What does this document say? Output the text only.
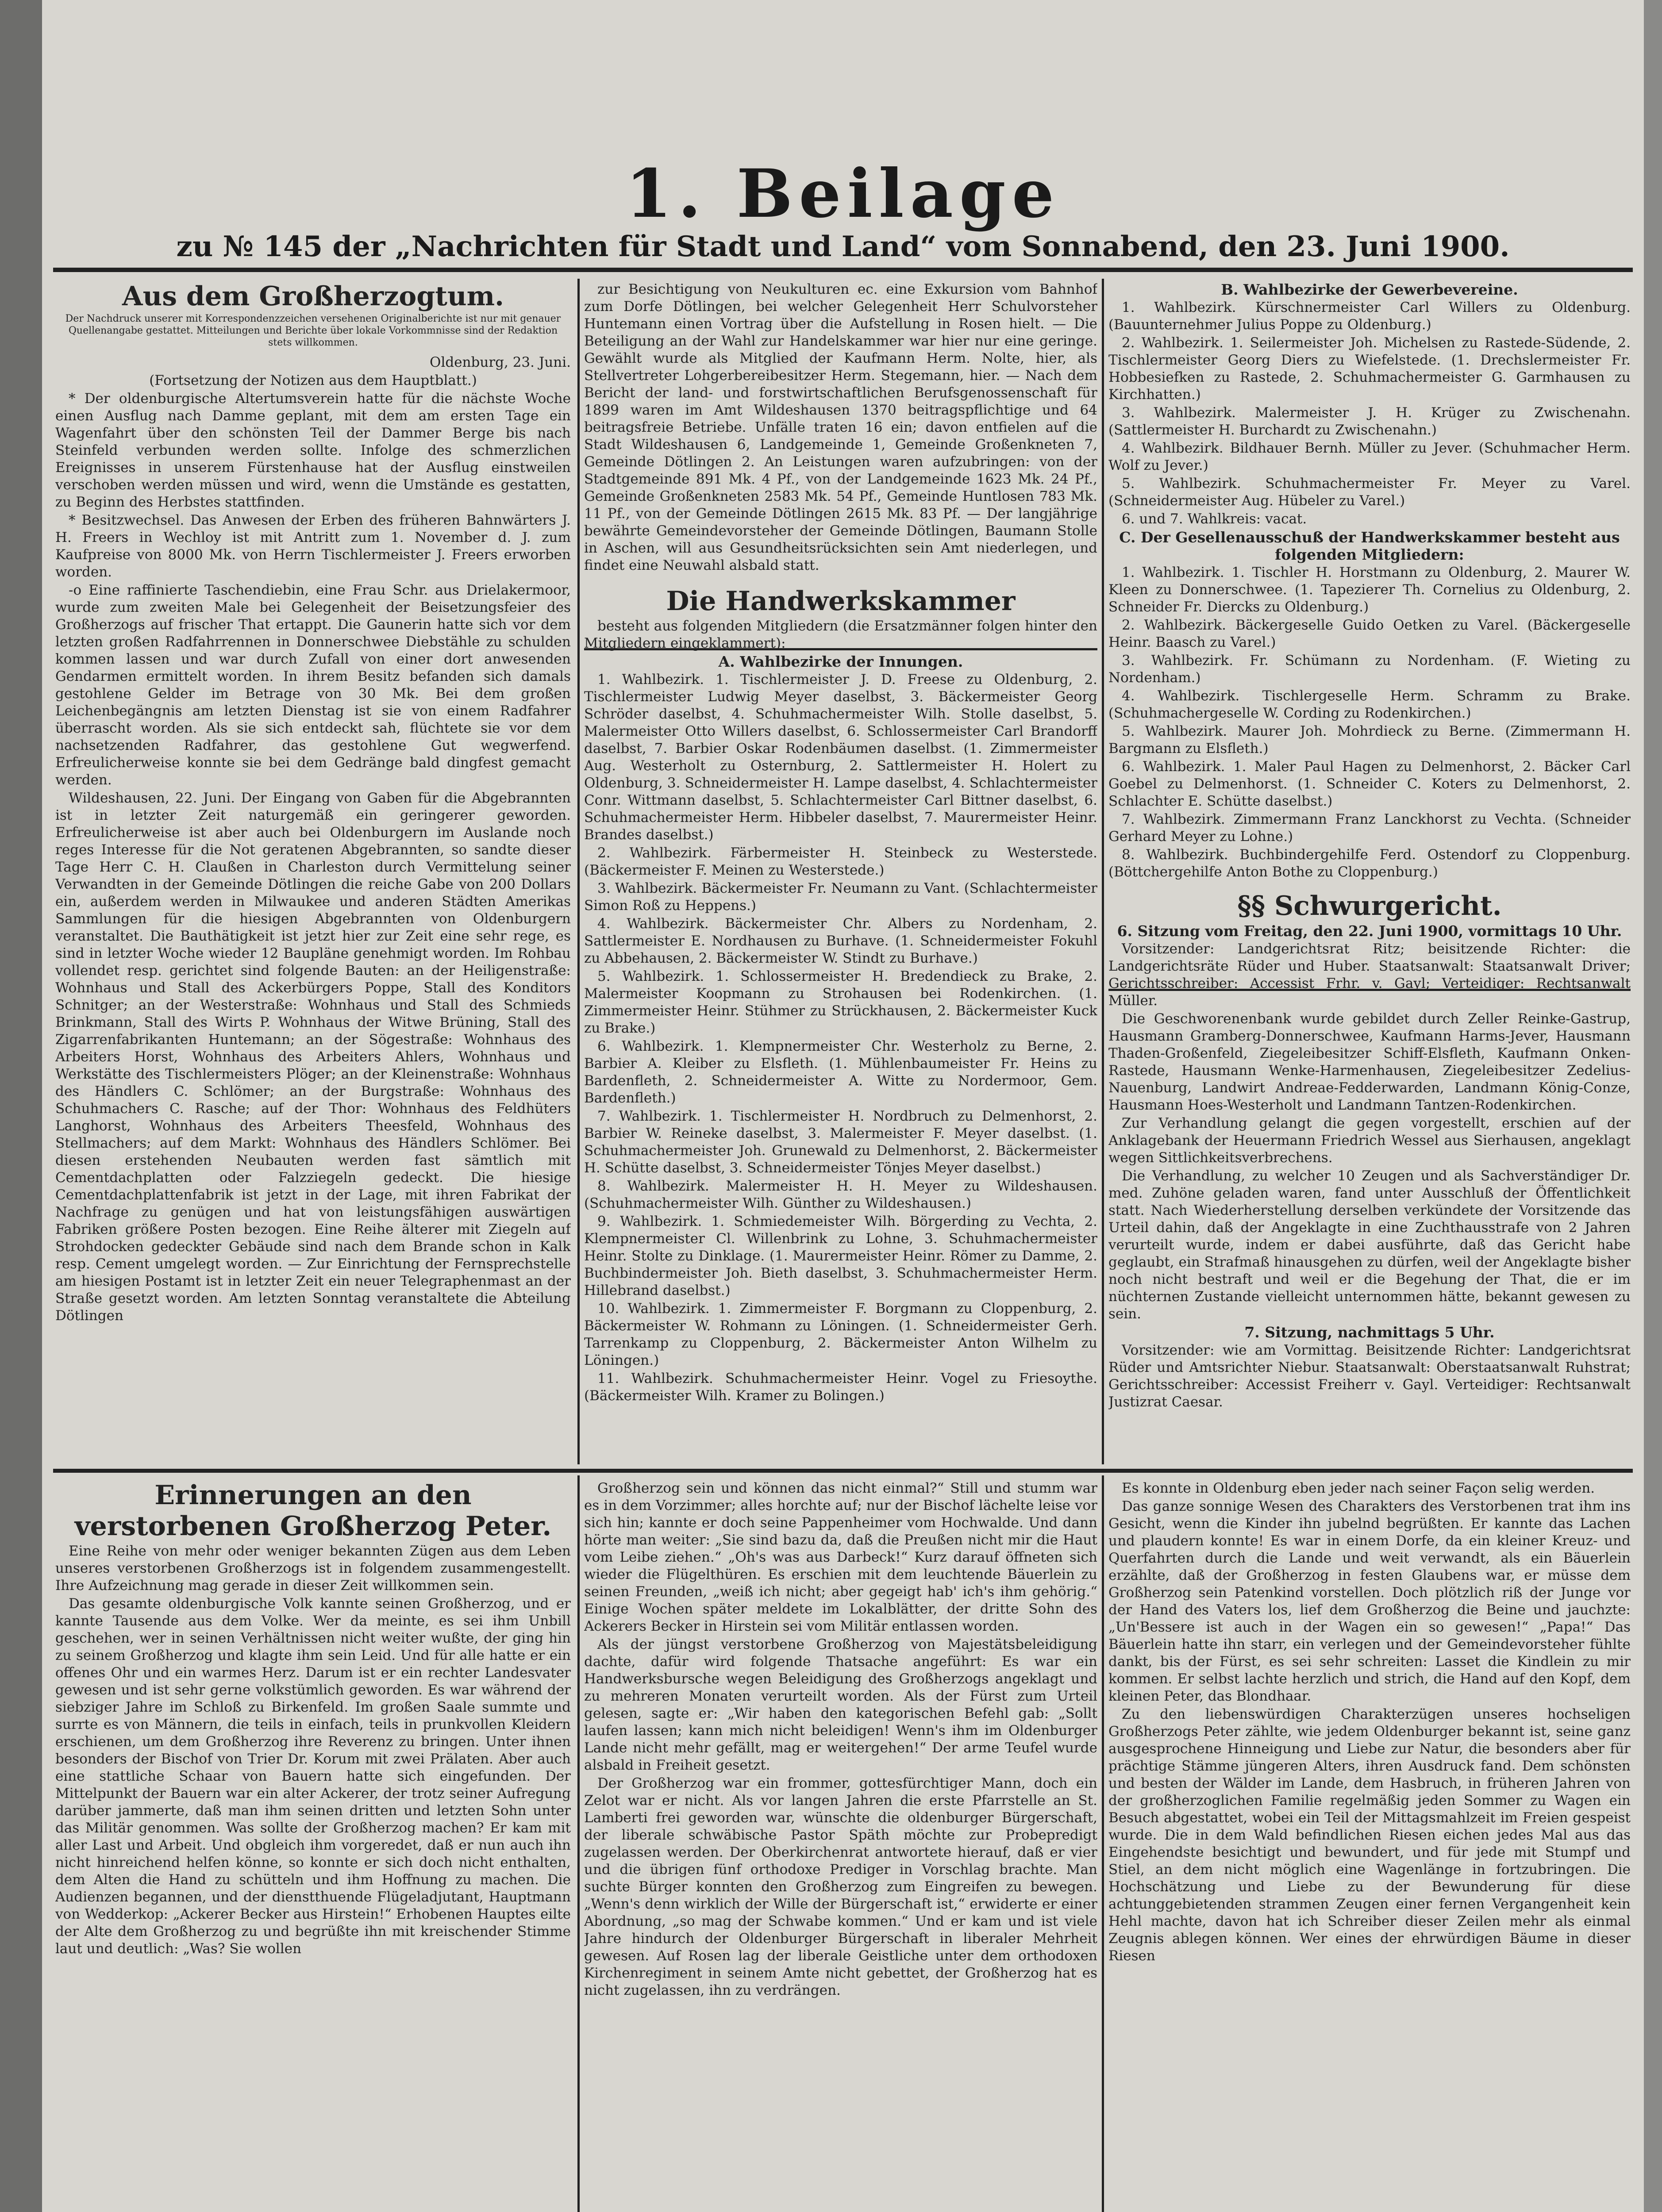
1. Beilage
zu № 145 der „Nachrichten für Stadt und Land“ vom Sonnabend, den 23. Juni 1900.

Aus dem Großherzogtum.

Der Nachdruck unserer mit Korrespondenzzeichen versehenen Originalberichte ist nur mit genauer Quellenangabe gestattet. Mitteilungen und Berichte über lokale Vorkommnisse sind der Redaktion stets willkommen.

Oldenburg, 23. Juni.

(Fortsetzung der Notizen aus dem Hauptblatt.)

* Der oldenburgische Altertumsverein hatte für die nächste Woche einen Ausflug nach Damme geplant, mit dem am ersten Tage ein Wagenfahrt über den schönsten Teil der Dammer Berge bis nach Steinfeld verbunden werden sollte. Infolge des schmerzlichen Ereignisses in unserem Fürstenhause hat der Ausflug einstweilen verschoben werden müssen und wird, wenn die Umstände es gestatten, zu Beginn des Herbstes stattfinden.

* Besitzwechsel. Das Anwesen der Erben des früheren Bahnwärters J. H. Freers in Wechloy ist mit Antritt zum 1. November d. J. zum Kaufpreise von 8000 Mk. von Herrn Tischlermeister J. Freers erworben worden.

-o Eine raffinierte Taschendiebin, eine Frau Schr. aus Drielakermoor, wurde zum zweiten Male bei Gelegenheit der Beisetzungsfeier des Großherzogs auf frischer That ertappt. Die Gaunerin hatte sich vor dem letzten großen Radfahrrennen in Donnerschwee Diebstähle zu schulden kommen lassen und war durch Zufall von einer dort anwesenden Gendarmen ermittelt worden. In ihrem Besitz befanden sich damals gestohlene Gelder im Betrage von 30 Mk. Bei dem großen Leichenbegängnis am letzten Dienstag ist sie von einem Radfahrer überrascht worden. Als sie sich entdeckt sah, flüchtete sie vor dem nachsetzenden Radfahrer, das gestohlene Gut wegwerfend. Erfreulicherweise konnte sie bei dem Gedränge bald dingfest gemacht werden.

Wildeshausen, 22. Juni. Der Eingang von Gaben für die Abgebrannten ist in letzter Zeit naturgemäß ein geringerer geworden. Erfreulicherweise ist aber auch bei Oldenburgern im Auslande noch reges Interesse für die Not geratenen Abgebrannten, so sandte dieser Tage Herr C. H. Claußen in Charleston durch Vermittelung seiner Verwandten in der Gemeinde Dötlingen die reiche Gabe von 200 Dollars ein, außerdem werden in Milwaukee und anderen Städten Amerikas Sammlungen für die hiesigen Abgebrannten von Oldenburgern veranstaltet. Die Bauthätigkeit ist jetzt hier zur Zeit eine sehr rege, es sind in letzter Woche wieder 12 Baupläne genehmigt worden. Im Rohbau vollendet resp. gerichtet sind folgende Bauten: an der Heiligenstraße: Wohnhaus und Stall des Ackerbürgers Poppe, Stall des Konditors Schnitger; an der Westerstraße: Wohnhaus und Stall des Schmieds Brinkmann, Stall des Wirts P. Wohnhaus der Witwe Brüning, Stall des Zigarrenfabrikanten Huntemann; an der Sögestraße: Wohnhaus des Arbeiters Horst, Wohnhaus des Arbeiters Ahlers, Wohnhaus und Werkstätte des Tischlermeisters Plöger; an der Kleinenstraße: Wohnhaus des Händlers C. Schlömer; an der Burgstraße: Wohnhaus des Schuhmachers C. Rasche; auf der Thor: Wohnhaus des Feldhüters Langhorst, Wohnhaus des Arbeiters Theesfeld, Wohnhaus des Stellmachers; auf dem Markt: Wohnhaus des Händlers Schlömer. Bei diesen erstehenden Neubauten werden fast sämtlich mit Cementdachplatten oder Falzziegeln gedeckt. Die hiesige Cementdachplattenfabrik ist jetzt in der Lage, mit ihren Fabrikat der Nachfrage zu genügen und hat von leistungsfähigen auswärtigen Fabriken größere Posten bezogen. Eine Reihe älterer mit Ziegeln auf Strohdocken gedeckter Gebäude sind nach dem Brande schon in Kalk resp. Cement umgelegt worden. — Zur Einrichtung der Fernsprechstelle am hiesigen Postamt ist in letzter Zeit ein neuer Telegraphenmast an der Straße gesetzt worden. Am letzten Sonntag veranstaltete die Abteilung Dötlingen

zur Besichtigung von Neukulturen ec. eine Exkursion vom Bahnhof zum Dorfe Dötlingen, bei welcher Gelegenheit Herr Schulvorsteher Huntemann einen Vortrag über die Aufstellung in Rosen hielt. — Die Beteiligung an der Wahl zur Handelskammer war hier nur eine geringe. Gewählt wurde als Mitglied der Kaufmann Herm. Nolte, hier, als Stellvertreter Lohgerbereibesitzer Herm. Stegemann, hier. — Nach dem Bericht der land- und forstwirtschaftlichen Berufsgenossenschaft für 1899 waren im Amt Wildeshausen 1370 beitragspflichtige und 64 beitragsfreie Betriebe. Unfälle traten 16 ein; davon entfielen auf die Stadt Wildeshausen 6, Landgemeinde 1, Gemeinde Großenkneten 7, Gemeinde Dötlingen 2. An Leistungen waren aufzubringen: von der Stadtgemeinde 891 Mk. 4 Pf., von der Landgemeinde 1623 Mk. 24 Pf., Gemeinde Großenkneten 2583 Mk. 54 Pf., Gemeinde Huntlosen 783 Mk. 11 Pf., von der Gemeinde Dötlingen 2615 Mk. 83 Pf. — Der langjährige bewährte Gemeindevorsteher der Gemeinde Dötlingen, Baumann Stolle in Aschen, will aus Gesundheitsrücksichten sein Amt niederlegen, und findet eine Neuwahl alsbald statt.

Die Handwerkskammer

besteht aus folgenden Mitgliedern (die Ersatzmänner folgen hinter den Mitgliedern eingeklammert):

A. Wahlbezirke der Innungen.

1. Wahlbezirk. 1. Tischlermeister J. D. Freese zu Oldenburg, 2. Tischlermeister Ludwig Meyer daselbst, 3. Bäckermeister Georg Schröder daselbst, 4. Schuhmachermeister Wilh. Stolle daselbst, 5. Malermeister Otto Willers daselbst, 6. Schlossermeister Carl Brandorff daselbst, 7. Barbier Oskar Rodenbäumen daselbst. (1. Zimmermeister Aug. Westerholt zu Osternburg, 2. Sattlermeister H. Holert zu Oldenburg, 3. Schneidermeister H. Lampe daselbst, 4. Schlachtermeister Conr. Wittmann daselbst, 5. Schlachtermeister Carl Bittner daselbst, 6. Schuhmachermeister Herm. Hibbeler daselbst, 7. Maurermeister Heinr. Brandes daselbst.)

2. Wahlbezirk. Färbermeister H. Steinbeck zu Westerstede. (Bäckermeister F. Meinen zu Westerstede.)

3. Wahlbezirk. Bäckermeister Fr. Neumann zu Vant. (Schlachtermeister Simon Roß zu Heppens.)

4. Wahlbezirk. Bäckermeister Chr. Albers zu Nordenham, 2. Sattlermeister E. Nordhausen zu Burhave. (1. Schneidermeister Fokuhl zu Abbehausen, 2. Bäckermeister W. Stindt zu Burhave.)

5. Wahlbezirk. 1. Schlossermeister H. Bredendieck zu Brake, 2. Malermeister Koopmann zu Strohausen bei Rodenkirchen. (1. Zimmermeister Heinr. Stühmer zu Strückhausen, 2. Bäckermeister Kuck zu Brake.)

6. Wahlbezirk. 1. Klempnermeister Chr. Westerholz zu Berne, 2. Barbier A. Kleiber zu Elsfleth. (1. Mühlenbaumeister Fr. Heins zu Bardenfleth, 2. Schneidermeister A. Witte zu Nordermoor, Gem. Bardenfleth.)

7. Wahlbezirk. 1. Tischlermeister H. Nordbruch zu Delmenhorst, 2. Barbier W. Reineke daselbst, 3. Malermeister F. Meyer daselbst. (1. Schuhmachermeister Joh. Grunewald zu Delmenhorst, 2. Bäckermeister H. Schütte daselbst, 3. Schneidermeister Tönjes Meyer daselbst.)

8. Wahlbezirk. Malermeister H. H. Meyer zu Wildeshausen. (Schuhmachermeister Wilh. Günther zu Wildeshausen.)

9. Wahlbezirk. 1. Schmiedemeister Wilh. Börgerding zu Vechta, 2. Klempnermeister Cl. Willenbrink zu Lohne, 3. Schuhmachermeister Heinr. Stolte zu Dinklage. (1. Maurermeister Heinr. Römer zu Damme, 2. Buchbindermeister Joh. Bieth daselbst, 3. Schuhmachermeister Herm. Hillebrand daselbst.)

10. Wahlbezirk. 1. Zimmermeister F. Borgmann zu Cloppenburg, 2. Bäckermeister W. Rohmann zu Löningen. (1. Schneidermeister Gerh. Tarrenkamp zu Cloppenburg, 2. Bäckermeister Anton Wilhelm zu Löningen.)

11. Wahlbezirk. Schuhmachermeister Heinr. Vogel zu Friesoythe. (Bäckermeister Wilh. Kramer zu Bolingen.)

B. Wahlbezirke der Gewerbevereine.

1. Wahlbezirk. Kürschnermeister Carl Willers zu Oldenburg. (Bauunternehmer Julius Poppe zu Oldenburg.)

2. Wahlbezirk. 1. Seilermeister Joh. Michelsen zu Rastede-Südende, 2. Tischlermeister Georg Diers zu Wiefelstede. (1. Drechslermeister Fr. Hobbesiefken zu Rastede, 2. Schuhmachermeister G. Garmhausen zu Kirchhatten.)

3. Wahlbezirk. Malermeister J. H. Krüger zu Zwischenahn. (Sattlermeister H. Burchardt zu Zwischenahn.)

4. Wahlbezirk. Bildhauer Bernh. Müller zu Jever. (Schuhmacher Herm. Wolf zu Jever.)

5. Wahlbezirk. Schuhmachermeister Fr. Meyer zu Varel. (Schneidermeister Aug. Hübeler zu Varel.)

6. und 7. Wahlkreis: vacat.

C. Der Gesellenausschuß der Handwerkskammer besteht aus folgenden Mitgliedern:

1. Wahlbezirk. 1. Tischler H. Horstmann zu Oldenburg, 2. Maurer W. Kleen zu Donnerschwee. (1. Tapezierer Th. Cornelius zu Oldenburg, 2. Schneider Fr. Diercks zu Oldenburg.)

2. Wahlbezirk. Bäckergeselle Guido Oetken zu Varel. (Bäckergeselle Heinr. Baasch zu Varel.)

3. Wahlbezirk. Fr. Schümann zu Nordenham. (F. Wieting zu Nordenham.)

4. Wahlbezirk. Tischlergeselle Herm. Schramm zu Brake. (Schuhmachergeselle W. Cording zu Rodenkirchen.)

5. Wahlbezirk. Maurer Joh. Mohrdieck zu Berne. (Zimmermann H. Bargmann zu Elsfleth.)

6. Wahlbezirk. 1. Maler Paul Hagen zu Delmenhorst, 2. Bäcker Carl Goebel zu Delmenhorst. (1. Schneider C. Koters zu Delmenhorst, 2. Schlachter E. Schütte daselbst.)

7. Wahlbezirk. Zimmermann Franz Lanckhorst zu Vechta. (Schneider Gerhard Meyer zu Lohne.)

8. Wahlbezirk. Buchbindergehilfe Ferd. Ostendorf zu Cloppenburg. (Böttchergehilfe Anton Bothe zu Cloppenburg.)

§§ Schwurgericht.

6. Sitzung vom Freitag, den 22. Juni 1900, vormittags 10 Uhr.

Vorsitzender: Landgerichtsrat Ritz; beisitzende Richter: die Landgerichtsräte Rüder und Huber. Staatsanwalt: Staatsanwalt Driver; Gerichtsschreiber: Accessist Frhr. v. Gayl; Verteidiger: Rechtsanwalt Müller.

Die Geschworenenbank wurde gebildet durch Zeller Reinke-Gastrup, Hausmann Gramberg-Donnerschwee, Kaufmann Harms-Jever, Hausmann Thaden-Großenfeld, Ziegeleibesitzer Schiff-Elsfleth, Kaufmann Onken-Rastede, Hausmann Wenke-Harmenhausen, Ziegeleibesitzer Zedelius-Nauenburg, Landwirt Andreae-Fedderwarden, Landmann König-Conze, Hausmann Hoes-Westerholt und Landmann Tantzen-Rodenkirchen.

Zur Verhandlung gelangt die gegen vorgestellt, erschien auf der Anklagebank der Heuermann Friedrich Wessel aus Sierhausen, angeklagt wegen Sittlichkeitsverbrechens.

Die Verhandlung, zu welcher 10 Zeugen und als Sachverständiger Dr. med. Zuhöne geladen waren, fand unter Ausschluß der Öffentlichkeit statt. Nach Wiederherstellung derselben verkündete der Vorsitzende das Urteil dahin, daß der Angeklagte in eine Zuchthausstrafe von 2 Jahren verurteilt wurde, indem er dabei ausführte, daß das Gericht habe geglaubt, ein Strafmaß hinausgehen zu dürfen, weil der Angeklagte bisher noch nicht bestraft und weil er die Begehung der That, die er im nüchternen Zustande vielleicht unternommen hätte, bekannt gewesen zu sein.

7. Sitzung, nachmittags 5 Uhr.

Vorsitzender: wie am Vormittag. Beisitzende Richter: Landgerichtsrat Rüder und Amtsrichter Niebur. Staatsanwalt: Oberstaatsanwalt Ruhstrat; Gerichtsschreiber: Accessist Freiherr v. Gayl. Verteidiger: Rechtsanwalt Justizrat Caesar.

Erinnerungen an den verstorbenen Großherzog Peter.

Eine Reihe von mehr oder weniger bekannten Zügen aus dem Leben unseres verstorbenen Großherzogs ist in folgendem zusammengestellt. Ihre Aufzeichnung mag gerade in dieser Zeit willkommen sein.

Das gesamte oldenburgische Volk kannte seinen Großherzog, und er kannte Tausende aus dem Volke. Wer da meinte, es sei ihm Unbill geschehen, wer in seinen Verhältnissen nicht weiter wußte, der ging hin zu seinem Großherzog und klagte ihm sein Leid. Und für alle hatte er ein offenes Ohr und ein warmes Herz. Darum ist er ein rechter Landesvater gewesen und ist sehr gerne volkstümlich geworden. Es war während der siebziger Jahre im Schloß zu Birkenfeld. Im großen Saale summte und surrte es von Männern, die teils in einfach, teils in prunkvollen Kleidern erschienen, um dem Großherzog ihre Reverenz zu bringen. Unter ihnen besonders der Bischof von Trier Dr. Korum mit zwei Prälaten. Aber auch eine stattliche Schaar von Bauern hatte sich eingefunden. Der Mittelpunkt der Bauern war ein alter Ackerer, der trotz seiner Aufregung darüber jammerte, daß man ihm seinen dritten und letzten Sohn unter das Militär genommen. Was sollte der Großherzog machen? Er kam mit aller Last und Arbeit. Und obgleich ihm vorgeredet, daß er nun auch ihn nicht hinreichend helfen könne, so konnte er sich doch nicht enthalten, dem Alten die Hand zu schütteln und ihm Hoffnung zu machen. Die Audienzen begannen, und der dienstthuende Flügeladjutant, Hauptmann von Wedderkop: „Ackerer Becker aus Hirstein!“ Erhobenen Hauptes eilte der Alte dem Großherzog zu und begrüßte ihn mit kreischender Stimme laut und deutlich: „Was? Sie wollen

Großherzog sein und können das nicht einmal?“ Still und stumm war es in dem Vorzimmer; alles horchte auf; nur der Bischof lächelte leise vor sich hin; kannte er doch seine Pappenheimer vom Hochwalde. Und dann hörte man weiter: „Sie sind bazu da, daß die Preußen nicht mir die Haut vom Leibe ziehen.“ „Oh's was aus Darbeck!“ Kurz darauf öffneten sich wieder die Flügelthüren. Es erschien mit dem leuchtende Bäuerlein zu seinen Freunden, „weiß ich nicht; aber gegeigt hab' ich's ihm gehörig.“ Einige Wochen später meldete im Lokalblätter, der dritte Sohn des Ackerers Becker in Hirstein sei vom Militär entlassen worden.

Als der jüngst verstorbene Großherzog von Majestätsbeleidigung dachte, dafür wird folgende Thatsache angeführt: Es war ein Handwerksbursche wegen Beleidigung des Großherzogs angeklagt und zu mehreren Monaten verurteilt worden. Als der Fürst zum Urteil gelesen, sagte er: „Wir haben den kategorischen Befehl gab: „Sollt laufen lassen; kann mich nicht beleidigen! Wenn's ihm im Oldenburger Lande nicht mehr gefällt, mag er weitergehen!“ Der arme Teufel wurde alsbald in Freiheit gesetzt.

Der Großherzog war ein frommer, gottesfürchtiger Mann, doch ein Zelot war er nicht. Als vor langen Jahren die erste Pfarrstelle an St. Lamberti frei geworden war, wünschte die oldenburger Bürgerschaft, der liberale schwäbische Pastor Späth möchte zur Probepredigt zugelassen werden. Der Oberkirchenrat antwortete hierauf, daß er vier und die übrigen fünf orthodoxe Prediger in Vorschlag brachte. Man suchte Bürger konnten den Großherzog zum Eingreifen zu bewegen. „Wenn's denn wirklich der Wille der Bürgerschaft ist,“ erwiderte er einer Abordnung, „so mag der Schwabe kommen.“ Und er kam und ist viele Jahre hindurch der Oldenburger Bürgerschaft in liberaler Mehrheit gewesen. Auf Rosen lag der liberale Geistliche unter dem orthodoxen Kirchenregiment in seinem Amte nicht gebettet, der Großherzog hat es nicht zugelassen, ihn zu verdrängen.

Es konnte in Oldenburg eben jeder nach seiner Façon selig werden.

Das ganze sonnige Wesen des Charakters des Verstorbenen trat ihm ins Gesicht, wenn die Kinder ihn jubelnd begrüßten. Er kannte das Lachen und plaudern konnte! Es war in einem Dorfe, da ein kleiner Kreuz- und Querfahrten durch die Lande und weit verwandt, als ein Bäuerlein erzählte, daß der Großherzog in festen Glaubens war, er müsse dem Großherzog sein Patenkind vorstellen. Doch plötzlich riß der Junge vor der Hand des Vaters los, lief dem Großherzog die Beine und jauchzte: „Un'Bessere ist auch in der Wagen ein so gewesen!“ „Papa!“ Das Bäuerlein hatte ihn starr, ein verlegen und der Gemeindevorsteher fühlte dankt, bis der Fürst, es sei sehr schreiten: Lasset die Kindlein zu mir kommen. Er selbst lachte herzlich und strich, die Hand auf den Kopf, dem kleinen Peter, das Blondhaar.

Zu den liebenswürdigen Charakterzügen unseres hochseligen Großherzogs Peter zählte, wie jedem Oldenburger bekannt ist, seine ganz ausgesprochene Hinneigung und Liebe zur Natur, die besonders aber für prächtige Stämme jüngeren Alters, ihren Ausdruck fand. Dem schönsten und besten der Wälder im Lande, dem Hasbruch, in früheren Jahren von der großherzoglichen Familie regelmäßig jeden Sommer zu Wagen ein Besuch abgestattet, wobei ein Teil der Mittagsmahlzeit im Freien gespeist wurde. Die in dem Wald befindlichen Riesen eichen jedes Mal aus das Eingehendste besichtigt und bewundert, und für jede mit Stumpf und Stiel, an dem nicht möglich eine Wagenlänge in fortzubringen. Die Hochschätzung und Liebe zu der Bewunderung für diese achtunggebietenden strammen Zeugen einer fernen Vergangenheit kein Hehl machte, davon hat ich Schreiber dieser Zeilen mehr als einmal Zeugnis ablegen können. Wer eines der ehrwürdigen Bäume in dieser Riesen
